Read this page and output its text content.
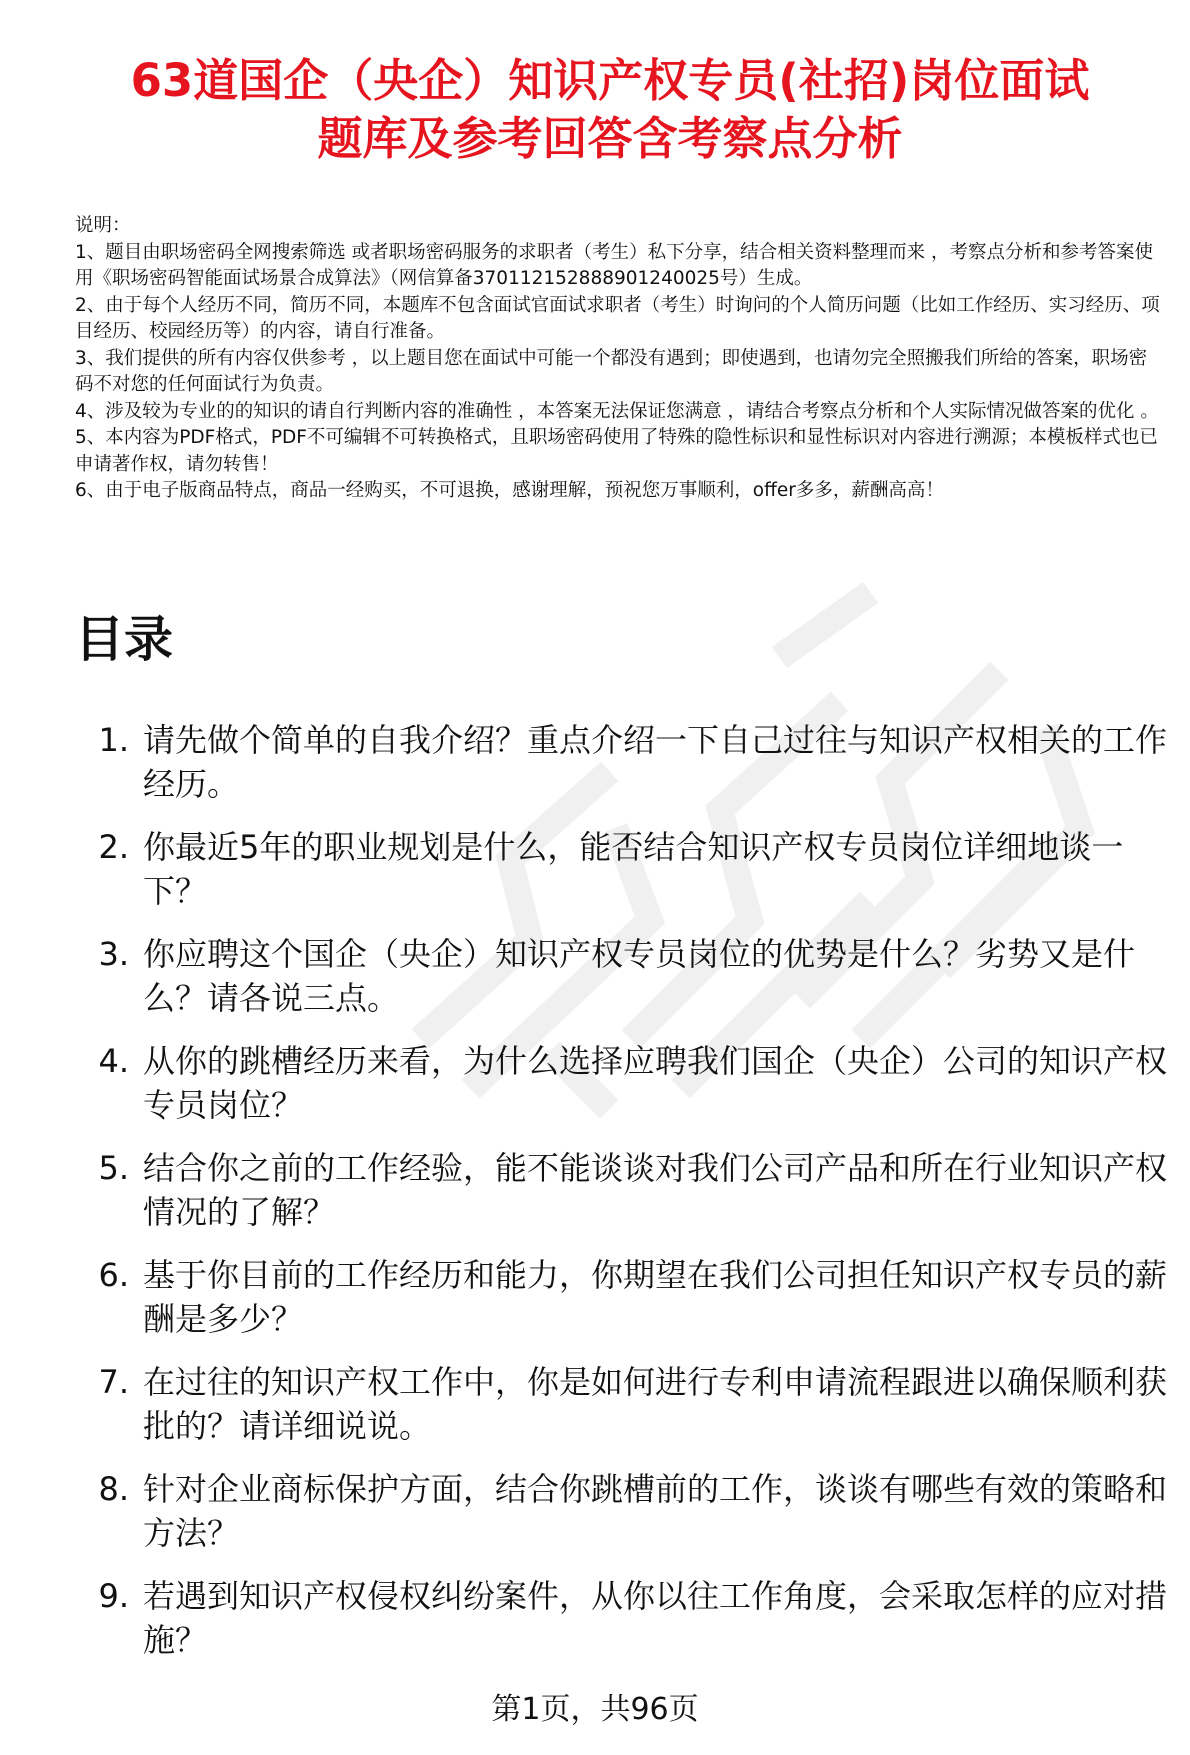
63道国企（央企）知识产权专员(社招)岗位面试
题库及参考回答含考察点分析

说明：

1、题目由职场密码全网搜索筛选 或者职场密码服务的求职者（考生）私下分享，结合相关资料整理而来 ，考察点分析和参考答案使用《职场密码智能面试场景合成算法》（网信算备370112152888901240025号）生成。

2、由于每个人经历不同，简历不同，本题库不包含面试官面试求职者（考生）时询问的个人简历问题（比如工作经历、实习经历、项目经历、校园经历等）的内容，请自行准备。

3、我们提供的所有内容仅供参考 ，以上题目您在面试中可能一个都没有遇到；即使遇到，也请勿完全照搬我们所给的答案，职场密码不对您的任何面试行为负责。

4、涉及较为专业的的知识的请自行判断内容的准确性 ，本答案无法保证您满意 ，请结合考察点分析和个人实际情况做答案的优化 。

5、本内容为PDF格式，PDF不可编辑不可转换格式，且职场密码使用了特殊的隐性标识和显性标识对内容进行溯源；本模板样式也已申请著作权，请勿转售！

6、由于电子版商品特点，商品一经购买，不可退换，感谢理解，预祝您万事顺利，offer多多，薪酬高高！

目录
1. 请先做个简单的自我介绍？重点介绍一下自己过往与知识产权相关的工作经历。
2. 你最近5年的职业规划是什么，能否结合知识产权专员岗位详细地谈一下？
3. 你应聘这个国企（央企）知识产权专员岗位的优势是什么？劣势又是什么？请各说三点。
4. 从你的跳槽经历来看，为什么选择应聘我们国企（央企）公司的知识产权专员岗位？
5. 结合你之前的工作经验，能不能谈谈对我们公司产品和所在行业知识产权情况的了解？
6. 基于你目前的工作经历和能力，你期望在我们公司担任知识产权专员的薪酬是多少？
7. 在过往的知识产权工作中，你是如何进行专利申请流程跟进以确保顺利获批的？请详细说说。
8. 针对企业商标保护方面，结合你跳槽前的工作，谈谈有哪些有效的策略和方法？
9. 若遇到知识产权侵权纠纷案件，从你以往工作角度，会采取怎样的应对措施？
第1页，共96页
